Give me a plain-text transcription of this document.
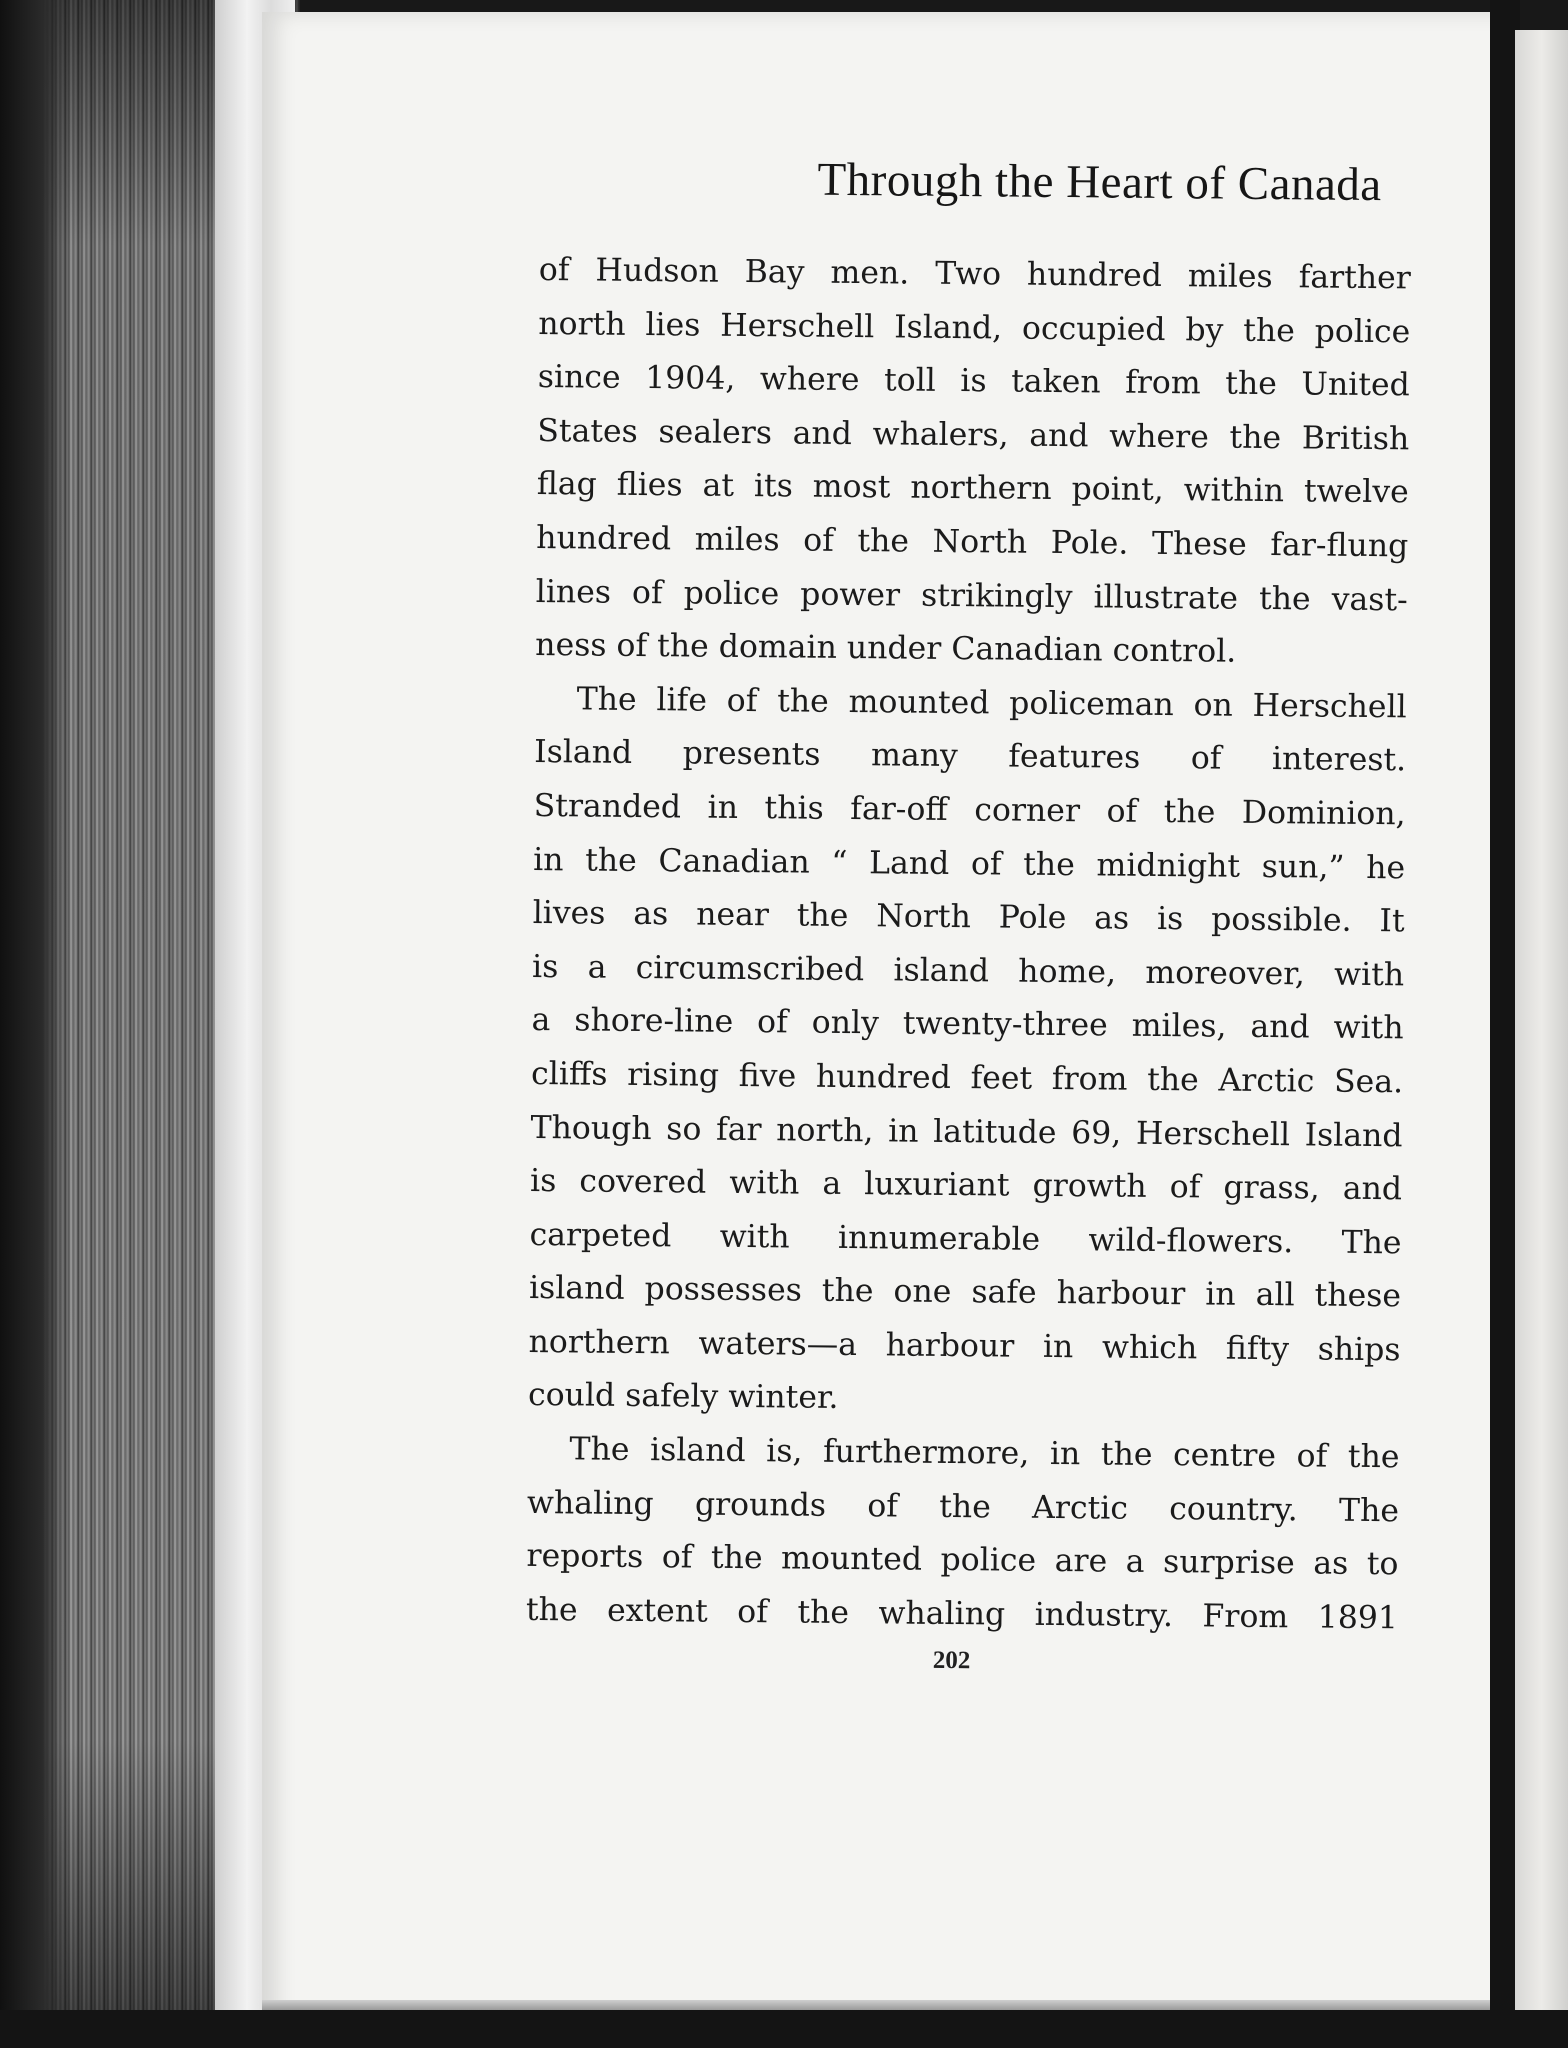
Through the Heart of Canada

of Hudson Bay men. Two hundred miles farther
north lies Herschell Island, occupied by the police
since 1904, where toll is taken from the United
States sealers and whalers, and where the British
flag flies at its most northern point, within twelve
hundred miles of the North Pole. These far-flung
lines of police power strikingly illustrate the vast-
ness of the domain under Canadian control.

The life of the mounted policeman on Herschell
Island presents many features of interest.
Stranded in this far-off corner of the Dominion,
in the Canadian “ Land of the midnight sun,” he
lives as near the North Pole as is possible. It
is a circumscribed island home, moreover, with
a shore-line of only twenty-three miles, and with
cliffs rising five hundred feet from the Arctic Sea.
Though so far north, in latitude 69, Herschell Island
is covered with a luxuriant growth of grass, and
carpeted with innumerable wild-flowers. The
island possesses the one safe harbour in all these
northern waters—a harbour in which fifty ships
could safely winter.

The island is, furthermore, in the centre of the
whaling grounds of the Arctic country. The
reports of the mounted police are a surprise as to
the extent of the whaling industry. From 1891

202
